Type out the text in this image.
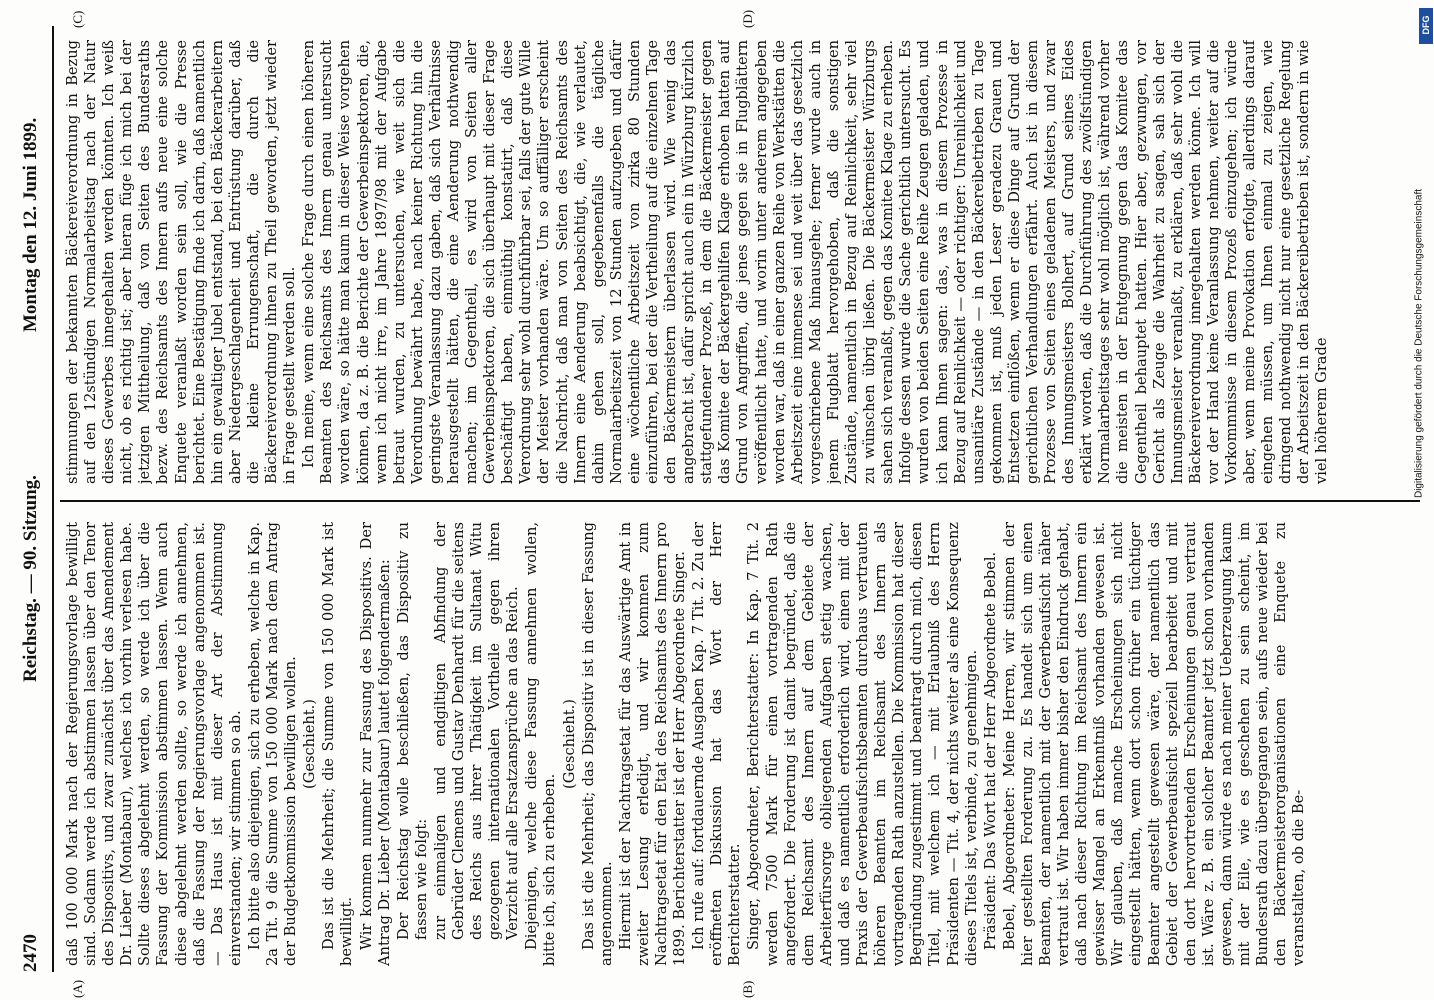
2470
Reichstag. — 90. Sitzung.
Montag den 12. Juni 1899.
(A)	(B)
(C)	(D)

daß 100 000 Mark nach der Regierungsvorlage bewilligt sind. Sodann werde ich abstimmen lassen über den Tenor des Dispositivs, und zwar zunächst über das Amendement Dr. Lieber (Montabaur), welches ich vorhin verlesen habe. Sollte dieses abgelehnt werden, so werde ich über die Fassung der Kommission abstimmen lassen. Wenn auch diese abgelehnt werden sollte, so werde ich annehmen, daß die Fassung der Regierungsvorlage angenommen ist. — Das Haus ist mit dieser Art der Abstimmung einverstanden; wir stimmen so ab. Ich bitte also diejenigen, sich zu erheben, welche in Kap. 2a Tit. 9 die Summe von 150 000 Mark nach dem Antrag der Budgetkommission bewilligen wollen. (Geschieht.) Das ist die Mehrheit; die Summe von 150 000 Mark ist bewilligt. Wir kommen nunmehr zur Fassung des Dispositivs. Der Antrag Dr. Lieber (Montabaur) lautet folgendermaßen: Der Reichstag wolle beschließen, das Dispositiv zu fassen wie folgt: zur einmaligen und endgiltigen Abfindung der Gebrüder Clemens und Gustav Denhardt für die seitens des Reichs aus ihrer Thätigkeit im Sultanat Witu gezogenen internationalen Vortheile gegen ihren Verzicht auf alle Ersatzansprüche an das Reich. Diejenigen, welche diese Fassung annehmen wollen, bitte ich, sich zu erheben.

(Geschieht.) Das ist die Mehrheit; das Dispositiv ist in dieser Fassung angenommen. Hiermit ist der Nachtragsetat für das Auswärtige Amt in zweiter Lesung erledigt, und wir kommen zum Nachtragsetat für den Etat des Reichsamts des Innern pro 1899. Berichterstatter ist der Herr Abgeordnete Singer. Ich rufe auf: fortdauernde Ausgaben Kap. 7 Tit. 2. Zu der eröffneten Diskussion hat das Wort der Herr Berichterstatter. Singer, Abgeordneter, Berichterstatter: In Kap. 7 Tit. 2 werden 7500 Mark für einen vortragenden Rath angefordert. Die Forderung ist damit begründet, daß die dem Reichsamt des Innern auf dem Gebiete der Arbeiterfürsorge obliegenden Aufgaben stetig wachsen, und daß es namentlich erforderlich wird, einen mit der Praxis der Gewerbeaufsichtsbeamten durchaus vertrauten höheren Beamten im Reichsamt des Innern als vortragenden Rath anzustellen. Die Kommission hat dieser Begründung zugestimmt und beantragt durch mich, diesen Titel, mit welchem ich — mit Erlaubniß des Herrn Präsidenten — Tit. 4, der nichts weiter als eine Konsequenz dieses Titels ist, verbinde, zu genehmigen. Präsident: Das Wort hat der Herr Abgeordnete Bebel. Bebel, Abgeordneter: Meine Herren, wir stimmen der hier gestellten Forderung zu. Es handelt sich um einen Beamten, der namentlich mit der Gewerbeaufsicht näher vertraut ist. Wir haben immer bisher den Eindruck gehabt, daß nach dieser Richtung im Reichsamt des Innern ein gewisser Mangel an Erkenntniß vorhanden gewesen ist. Wir glauben, daß manche Erscheinungen sich nicht eingestellt hätten, wenn dort schon früher ein tüchtiger Beamter angestellt gewesen wäre, der namentlich das Gebiet der Gewerbeaufsicht speziell bearbeitet und mit den dort hervortretenden Erscheinungen genau vertraut ist. Wäre z. B. ein solcher Beamter jetzt schon vorhanden gewesen, dann würde es nach meiner Ueberzeugung kaum mit der Eile, wie es geschehen zu sein scheint, im Bundesrath dazu übergegangen sein, aufs neue wieder bei den Bäckermeisterorganisationen eine Enquete zu veranstalten, ob die Be-

stimmungen der bekannten Bäckereiverordnung in Bezug auf den 12stündigen Normalarbeitstag nach der Natur dieses Gewerbes innegehalten werden könnten. Ich weiß nicht, ob es richtig ist; aber hieran füge ich mich bei der jetzigen Mittheilung, daß von Seiten des Bundesraths bezw. des Reichsamts des Innern aufs neue eine solche Enquete veranlaßt worden sein soll, wie die Presse berichtet. Eine Bestätigung finde ich darin, daß namentlich hin ein gewaltiger Jubel entstand, bei den Bäckerarbeitern aber Niedergeschlagenheit und Entrüstung darüber, daß die kleine Errungenschaft, die durch die Bäckereiverordnung ihnen zu Theil geworden, jetzt wieder in Frage gestellt werden soll. Ich meine, wenn eine solche Frage durch einen höheren Beamten des Reichsamts des Innern genau untersucht worden wäre, so hätte man kaum in dieser Weise vorgehen können, da z. B. die Berichte der Gewerbeinspektoren, die, wenn ich nicht irre, im Jahre 1897/98 mit der Aufgabe betraut wurden, zu untersuchen, wie weit sich die Verordnung bewährt habe, nach keiner Richtung hin die geringste Veranlassung dazu gaben, daß sich Verhältnisse herausgestellt hätten, die eine Aenderung nothwendig machen; im Gegentheil, es wird von Seiten aller Gewerbeinspektoren, die sich überhaupt mit dieser Frage beschäftigt haben, einmüthig konstatirt, daß diese Verordnung sehr wohl durchführbar sei, falls der gute Wille der Meister vorhanden wäre. Um so auffälliger erscheint die Nachricht, daß man von Seiten des Reichsamts des Innern eine Aenderung beabsichtigt, die, wie verlautet, dahin gehen soll, gegebenenfalls die tägliche Normalarbeitszeit von 12 Stunden aufzugeben und dafür eine wöchentliche Arbeitszeit von zirka 80 Stunden einzuführen, bei der die Vertheilung auf die einzelnen Tage den Bäckermeistern überlassen wird. Wie wenig das angebracht ist, dafür spricht auch ein in Würzburg kürzlich stattgefundener Prozeß, in dem die Bäckermeister gegen das Komitee der Bäckergehilfen Klage erhoben hatten auf Grund von Angriffen, die jenes gegen sie in Flugblättern veröffentlicht hatte, und worin unter anderem angegeben worden war, daß in einer ganzen Reihe von Werkstätten die Arbeitszeit eine immense sei und weit über das gesetzlich vorgeschriebene Maß hinausgehe; ferner wurde auch in jenem Flugblatt hervorgehoben, daß die sonstigen Zustände, namentlich in Bezug auf Reinlichkeit, sehr viel zu wünschen übrig ließen. Die Bäckermeister Würzburgs sahen sich veranlaßt, gegen das Komitee Klage zu erheben. Infolge dessen wurde die Sache gerichtlich untersucht. Es wurden von beiden Seiten eine Reihe Zeugen geladen, und ich kann Ihnen sagen: das, was in diesem Prozesse in Bezug auf Reinlichkeit — oder richtiger: Unreinlichkeit und unsanitäre Zustände — in den Bäckereibetrieben zu Tage gekommen ist, muß jeden Leser geradezu Grauen und Entsetzen einflößen, wenn er diese Dinge auf Grund der gerichtlichen Verhandlungen erfährt. Auch ist in diesem Prozesse von Seiten eines geladenen Meisters, und zwar des Innungsmeisters Bolhert, auf Grund seines Eides erklärt worden, daß die Durchführung des zwölfstündigen Normalarbeitstages sehr wohl möglich ist, während vorher die meisten in der Entgegnung gegen das Komitee das Gegentheil behauptet hatten. Hier aber, gezwungen, vor Gericht als Zeuge die Wahrheit zu sagen, sah sich der Innungsmeister veranlaßt, zu erklären, daß sehr wohl die Bäckereiverordnung innegehalten werden könne. Ich will vor der Hand keine Veranlassung nehmen, weiter auf die Vorkommnisse in diesem Prozeß einzugehen; ich würde aber, wenn meine Provokation erfolgte, allerdings darauf eingehen müssen, um Ihnen einmal zu zeigen, wie dringend nothwendig nicht nur eine gesetzliche Regelung der Arbeitszeit in den Bäckereibetrieben ist, sondern in wie viel höherem Grade

DFG
Digitalisierung gefördert durch die Deutsche Forschungsgemeinschaft
